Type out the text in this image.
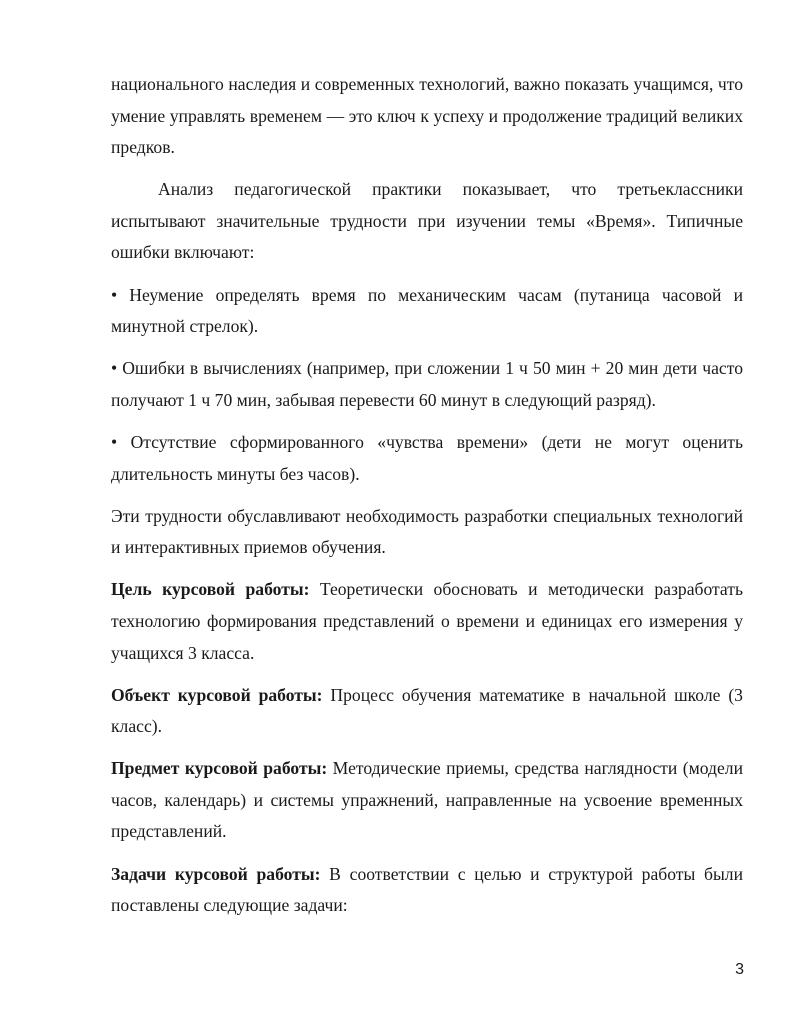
национального наследия и современных технологий, важно показать учащимся, что умение управлять временем — это ключ к успеху и продолжение традиций великих предков.

Анализ педагогической практики показывает, что третьеклассники испытывают значительные трудности при изучении темы «Время». Типичные ошибки включают:

• Неумение определять время по механическим часам (путаница часовой и минутной стрелок).

• Ошибки в вычислениях (например, при сложении 1 ч 50 мин + 20 мин дети часто получают 1 ч 70 мин, забывая перевести 60 минут в следующий разряд).

• Отсутствие сформированного «чувства времени» (дети не могут оценить длительность минуты без часов).

Эти трудности обуславливают необходимость разработки специальных технологий и интерактивных приемов обучения.

Цель курсовой работы: Теоретически обосновать и методически разработать технологию формирования представлений о времени и единицах его измерения у учащихся 3 класса.

Объект курсовой работы: Процесс обучения математике в начальной школе (3 класс).

Предмет курсовой работы: Методические приемы, средства наглядности (модели часов, календарь) и системы упражнений, направленные на усвоение временных представлений.

Задачи курсовой работы: В соответствии с целью и структурой работы были поставлены следующие задачи:

3
